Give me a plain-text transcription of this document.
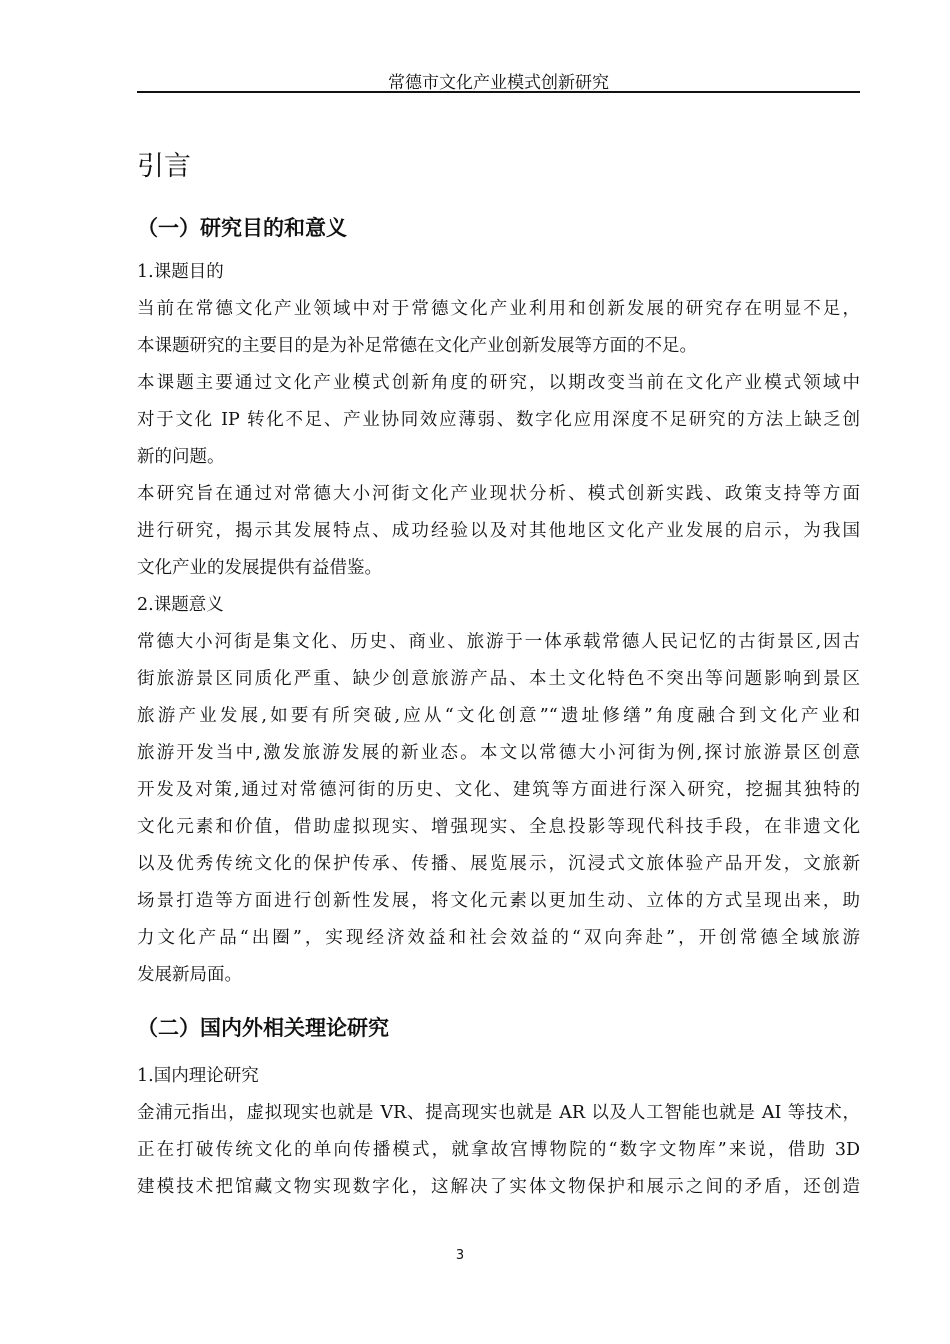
常德市文化产业模式创新研究
引言
（一）研究目的和意义
1.课题目的
当前在常德文化产业领域中对于常德文化产业利用和创新发展的研究存在明显不足，
本课题研究的主要目的是为补足常德在文化产业创新发展等方面的不足。
本课题主要通过文化产业模式创新角度的研究，以期改变当前在文化产业模式领域中
对于文化 IP 转化不足、产业协同效应薄弱、数字化应用深度不足研究的方法上缺乏创
新的问题。
本研究旨在通过对常德大小河街文化产业现状分析、模式创新实践、政策支持等方面
进行研究，揭示其发展特点、成功经验以及对其他地区文化产业发展的启示，为我国
文化产业的发展提供有益借鉴。
2.课题意义
常德大小河街是集文化、历史、商业、旅游于一体承载常德人民记忆的古街景区,因古
街旅游景区同质化严重、缺少创意旅游产品、本土文化特色不突出等问题影响到景区
旅游产业发展,如要有所突破,应从“文化创意”“遗址修缮”角度融合到文化产业和
旅游开发当中,激发旅游发展的新业态。本文以常德大小河街为例,探讨旅游景区创意
开发及对策,通过对常德河街的历史、文化、建筑等方面进行深入研究，挖掘其独特的
文化元素和价值，借助虚拟现实、增强现实、全息投影等现代科技手段，在非遗文化
以及优秀传统文化的保护传承、传播、展览展示，沉浸式文旅体验产品开发，文旅新
场景打造等方面进行创新性发展，将文化元素以更加生动、立体的方式呈现出来，助
力文化产品“出圈”，实现经济效益和社会效益的“双向奔赴”，开创常德全域旅游
发展新局面。
（二）国内外相关理论研究
1.国内理论研究
金浦元指出，虚拟现实也就是 VR、提高现实也就是 AR 以及人工智能也就是 AI 等技术，
正在打破传统文化的单向传播模式，就拿故宫博物院的“数字文物库”来说，借助 3D
建模技术把馆藏文物实现数字化，这解决了实体文物保护和展示之间的矛盾，还创造
3
